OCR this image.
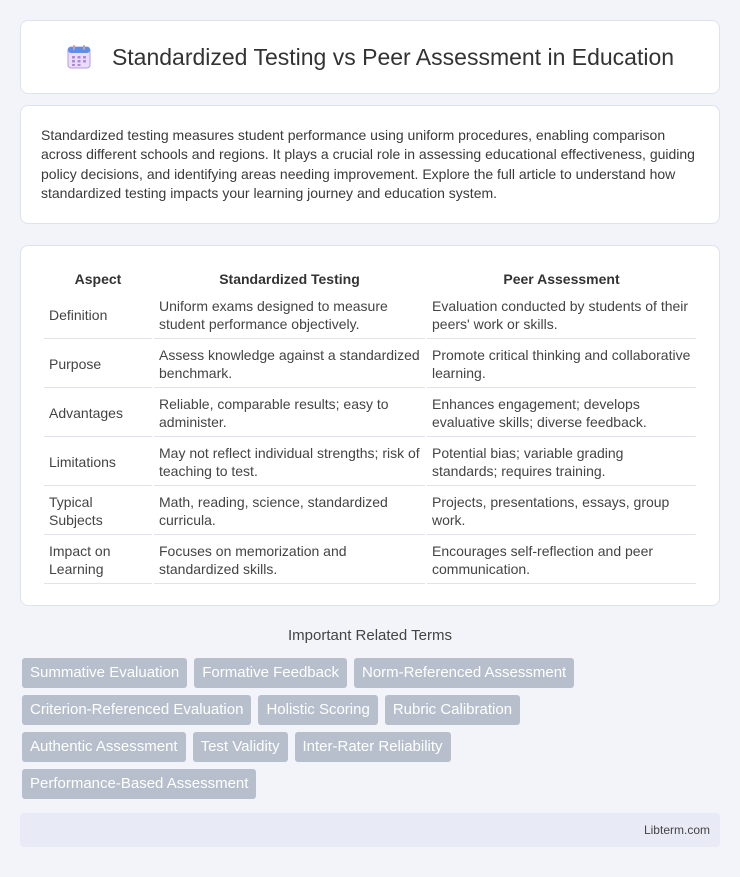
Standardized Testing vs Peer Assessment in Education

Standardized testing measures student performance using uniform procedures, enabling comparison across different schools and regions. It plays a crucial role in assessing educational effectiveness, guiding policy decisions, and identifying areas needing improvement. Explore the full article to understand how standardized testing impacts your learning journey and education system.

Aspect	Standardized Testing	Peer Assessment
Definition	Uniform exams designed to measure student performance objectively.	Evaluation conducted by students of their peers' work or skills.
Purpose	Assess knowledge against a standardized benchmark.	Promote critical thinking and collaborative learning.
Advantages	Reliable, comparable results; easy to administer.	Enhances engagement; develops evaluative skills; diverse feedback.
Limitations	May not reflect individual strengths; risk of teaching to test.	Potential bias; variable grading standards; requires training.
Typical Subjects	Math, reading, science, standardized curricula.	Projects, presentations, essays, group work.
Impact on Learning	Focuses on memorization and standardized skills.	Encourages self-reflection and peer communication.
Important Related Terms
Summative Evaluation	Formative Feedback	Norm-Referenced Assessment
Criterion-Referenced Evaluation	Holistic Scoring	Rubric Calibration
Authentic Assessment	Test Validity	Inter-Rater Reliability
Performance-Based Assessment
Libterm.com
